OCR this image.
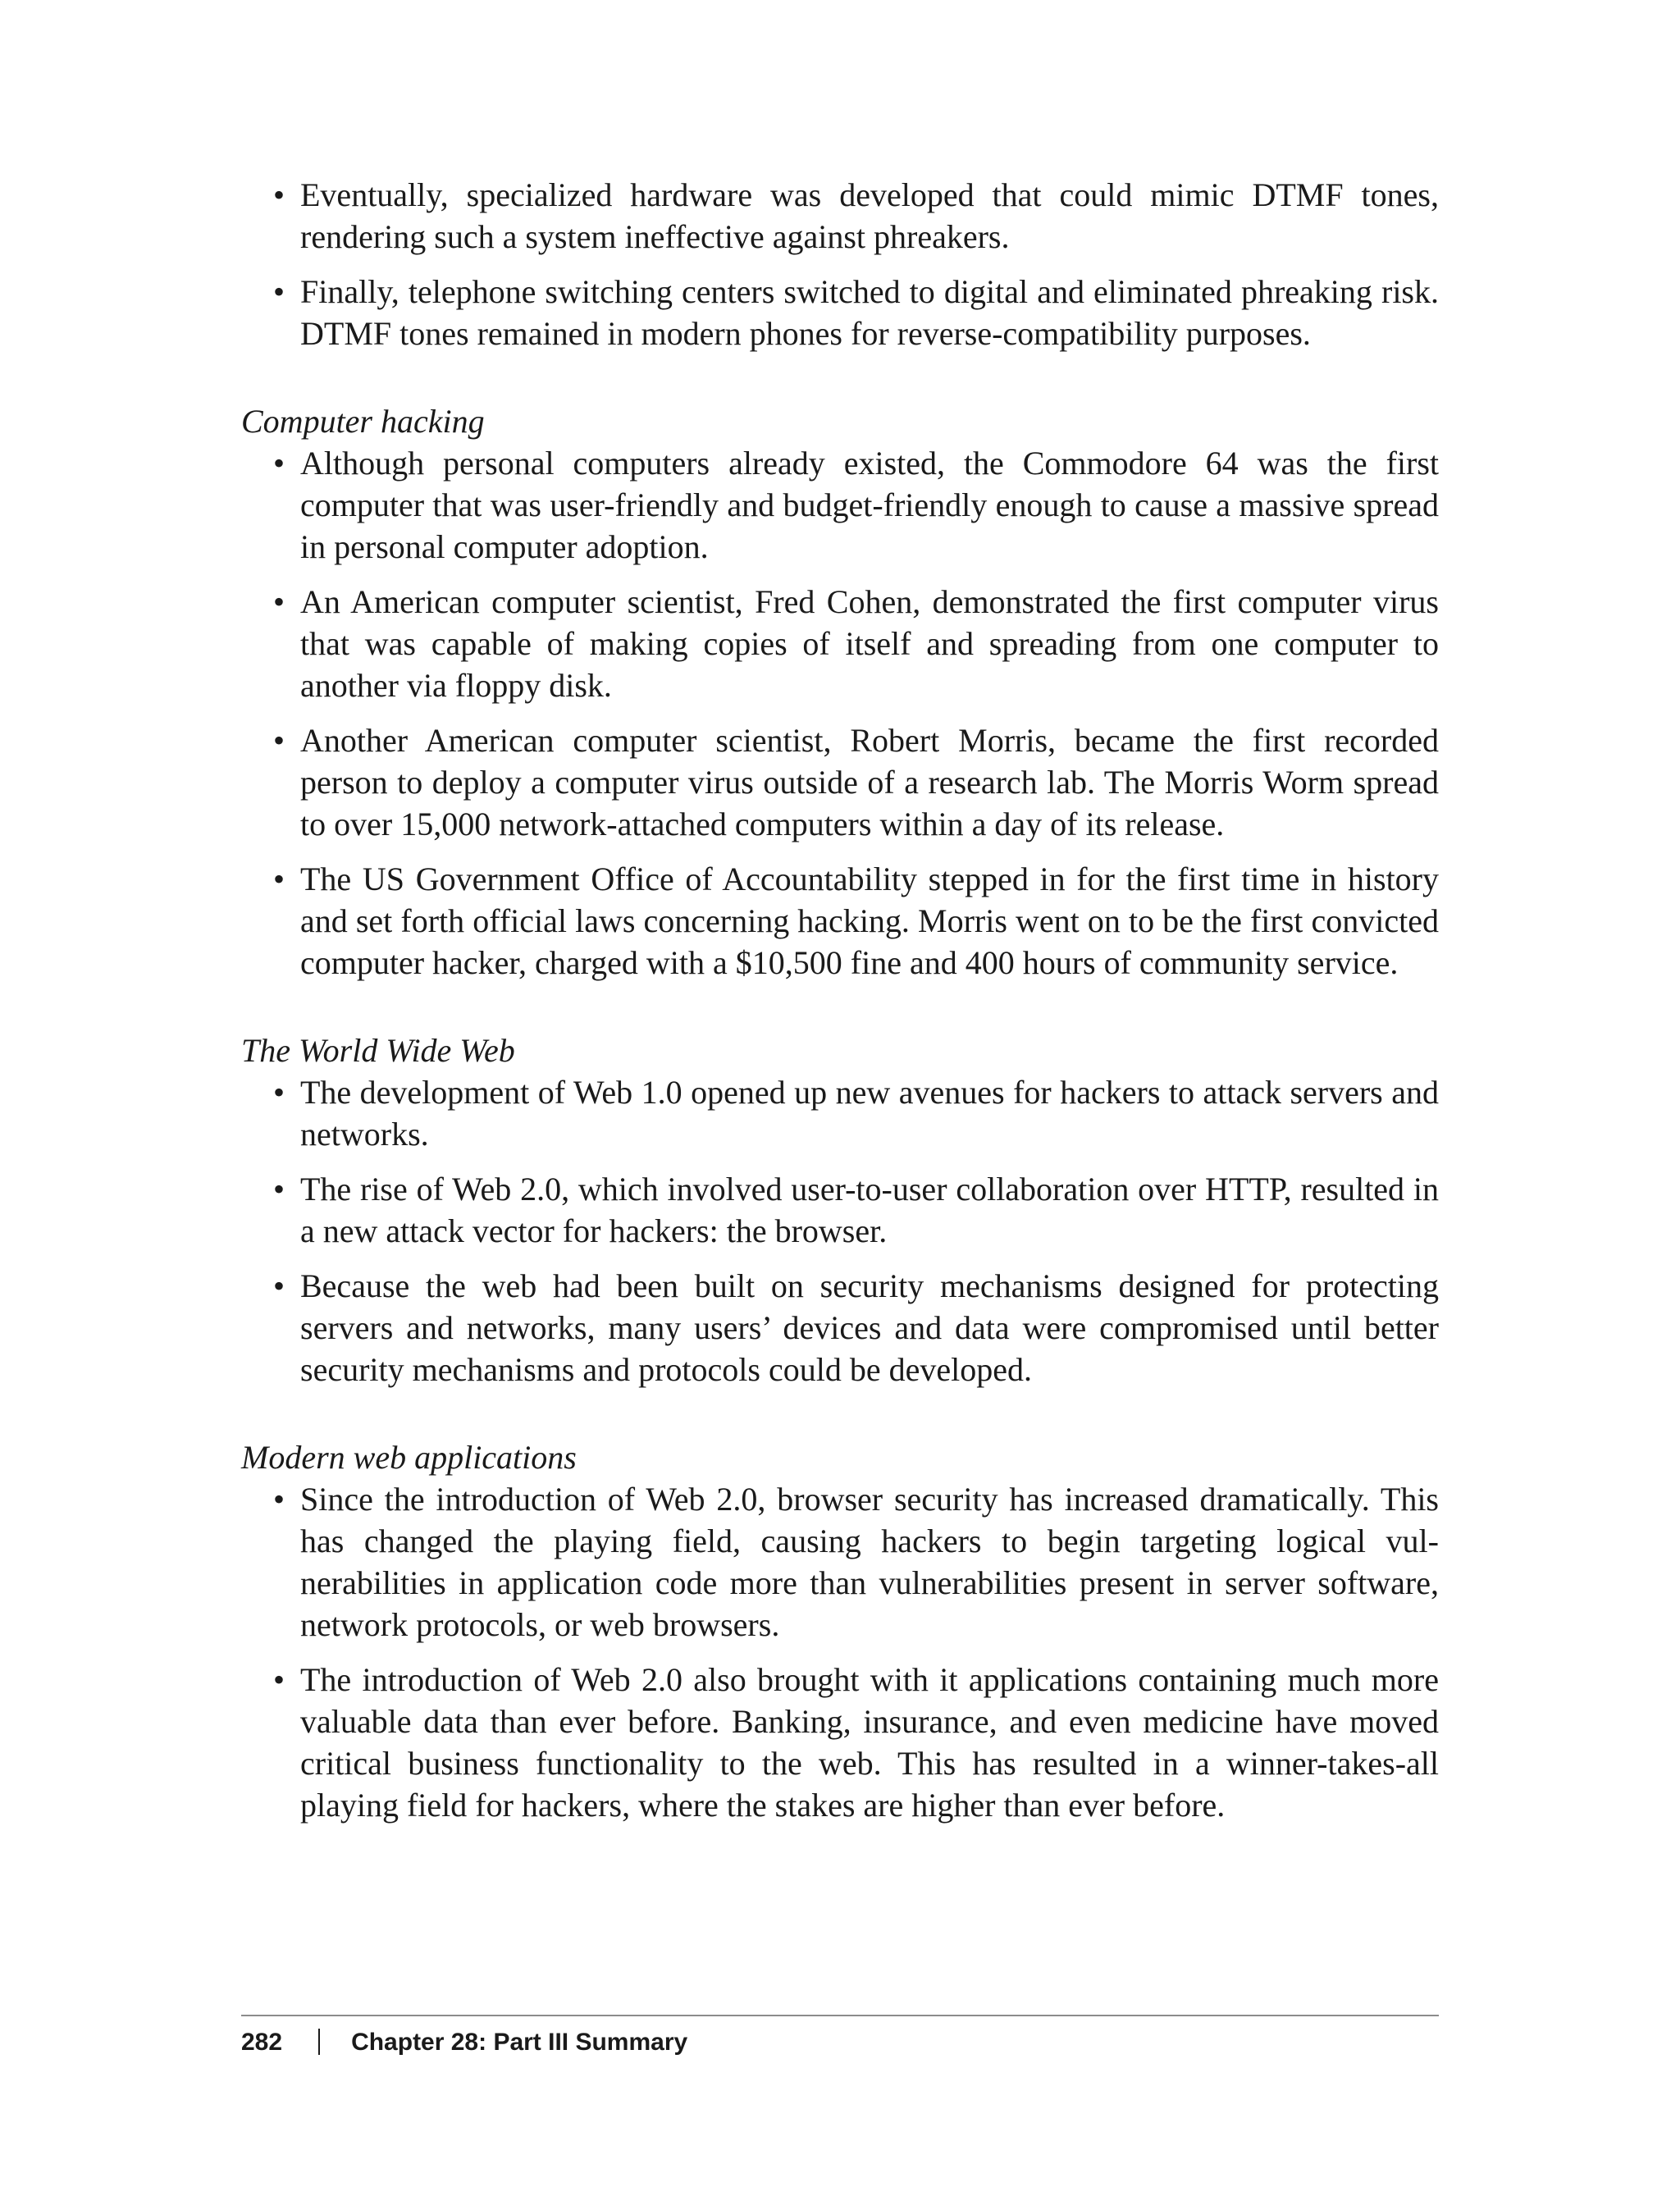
• Eventually, specialized hardware was developed that could mimic DTMF tones, rendering such a system ineffective against phreakers.
• Finally, telephone switching centers switched to digital and eliminated phreaking risk. DTMF tones remained in modern phones for reverse-compatibility purposes.
Computer hacking
• Although personal computers already existed, the Commodore 64 was the first computer that was user-friendly and budget-friendly enough to cause a massive spread in personal computer adoption.
• An American computer scientist, Fred Cohen, demonstrated the first computer virus that was capable of making copies of itself and spreading from one computer to another via floppy disk.
• Another American computer scientist, Robert Morris, became the first recorded person to deploy a computer virus outside of a research lab. The Morris Worm spread to over 15,000 network-attached computers within a day of its release.
• The US Government Office of Accountability stepped in for the first time in history and set forth official laws concerning hacking. Morris went on to be the first convicted computer hacker, charged with a $10,500 fine and 400 hours of community service.
The World Wide Web
• The development of Web 1.0 opened up new avenues for hackers to attack servers and networks.
• The rise of Web 2.0, which involved user-to-user collaboration over HTTP, resulted in a new attack vector for hackers: the browser.
• Because the web had been built on security mechanisms designed for protecting servers and networks, many users’ devices and data were compromised until better security mechanisms and protocols could be developed.
Modern web applications
• Since the introduction of Web 2.0, browser security has increased dramatically. This has changed the playing field, causing hackers to begin targeting logical vulnerabilities in application code more than vulnerabilities present in server software, network protocols, or web browsers.
• The introduction of Web 2.0 also brought with it applications containing much more valuable data than ever before. Banking, insurance, and even medicine have moved critical business functionality to the web. This has resulted in a winner-takes-all playing field for hackers, where the stakes are higher than ever before.
282	Chapter 28: Part III Summary
